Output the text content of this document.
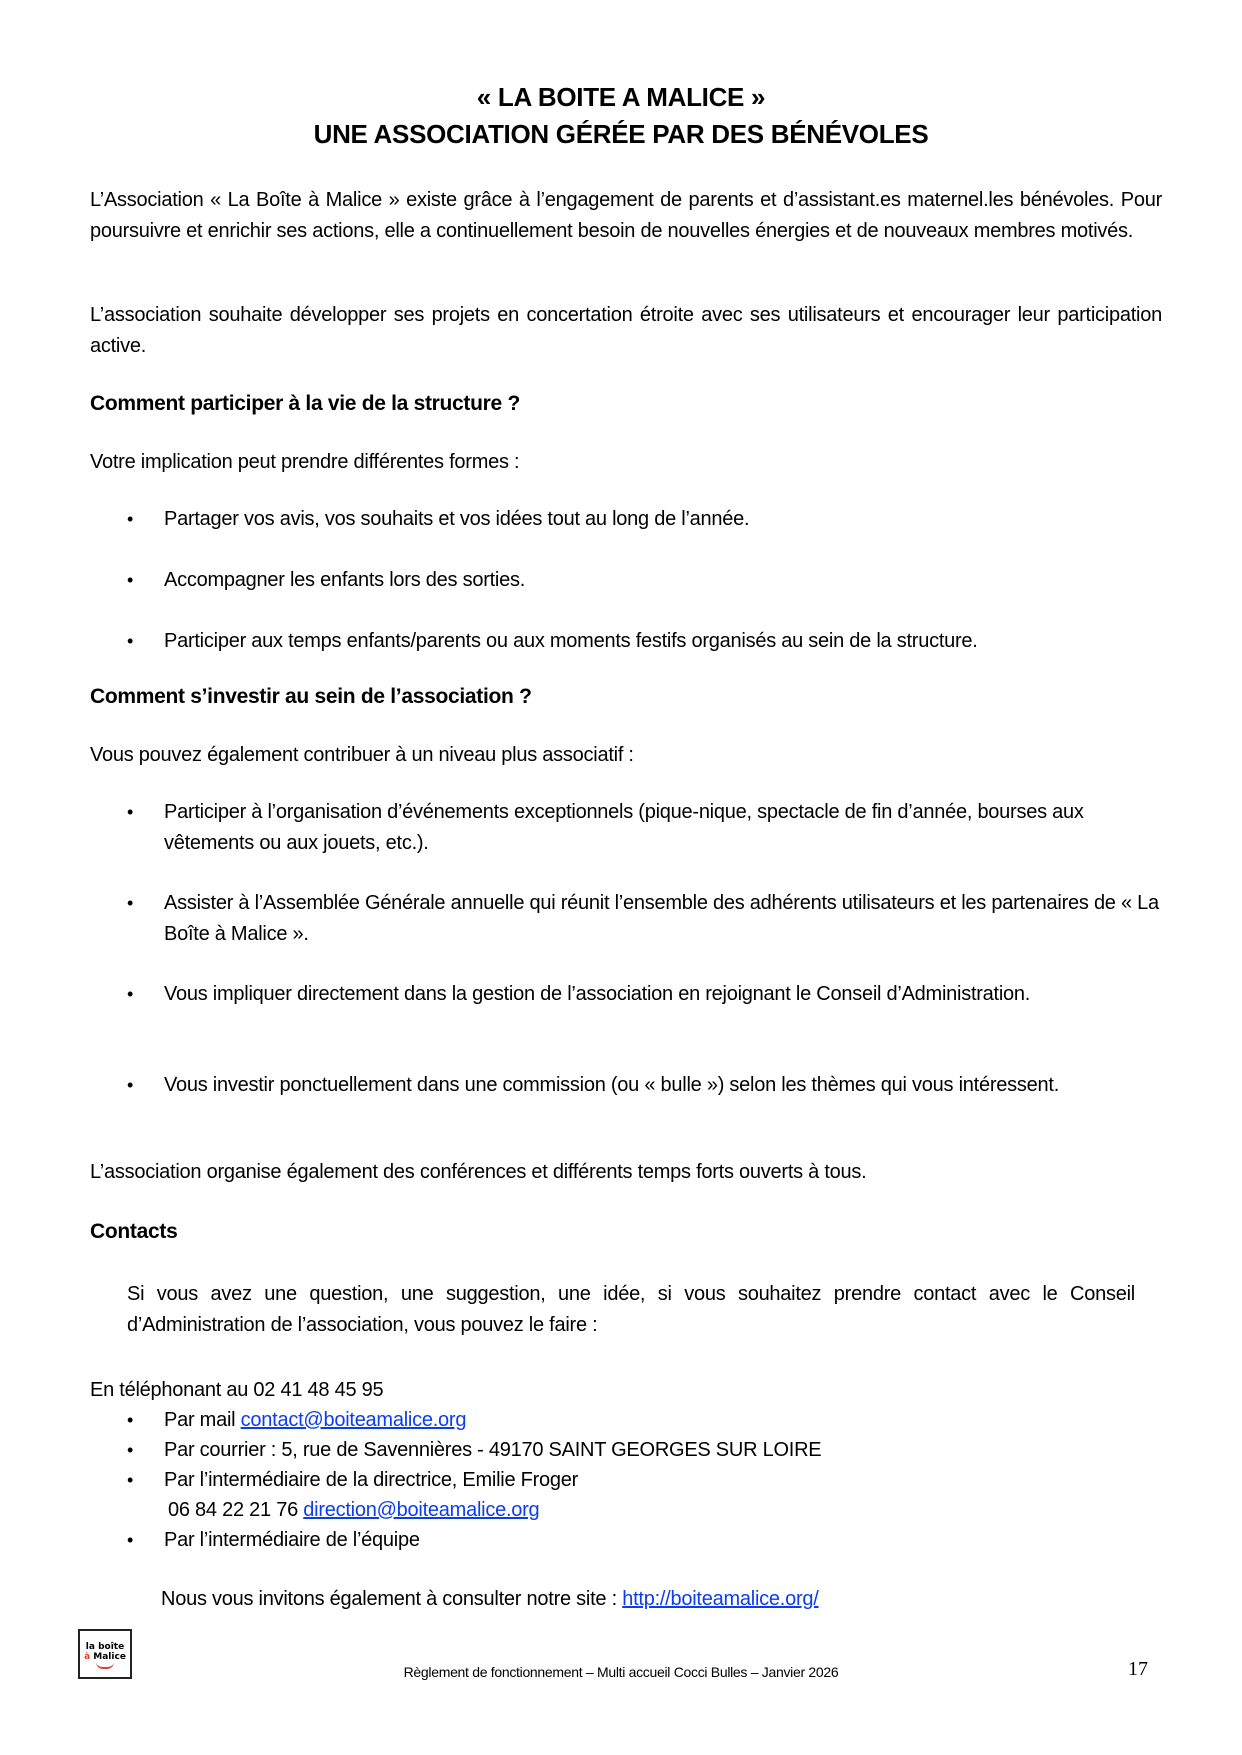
« LA BOITE A MALICE »
UNE ASSOCIATION GÉRÉE PAR DES BÉNÉVOLES
L’Association « La Boîte à Malice » existe grâce à l’engagement de parents et d’assistant.es maternel.les bénévoles. Pour poursuivre et enrichir ses actions, elle a continuellement besoin de nouvelles énergies et de nouveaux membres motivés.
L’association souhaite développer ses projets en concertation étroite avec ses utilisateurs et encourager leur participation active.
Comment participer à la vie de la structure ?
Votre implication peut prendre différentes formes :
• Partager vos avis, vos souhaits et vos idées tout au long de l’année.
• Accompagner les enfants lors des sorties.
• Participer aux temps enfants/parents ou aux moments festifs organisés au sein de la structure.
Comment s’investir au sein de l’association ?
Vous pouvez également contribuer à un niveau plus associatif :
• Participer à l’organisation d’événements exceptionnels (pique-nique, spectacle de fin d’année, bourses aux vêtements ou aux jouets, etc.).
• Assister à l’Assemblée Générale annuelle qui réunit l’ensemble des adhérents utilisateurs et les partenaires de « La Boîte à Malice ».
• Vous impliquer directement dans la gestion de l’association en rejoignant le Conseil d’Administration.
• Vous investir ponctuellement dans une commission (ou « bulle ») selon les thèmes qui vous intéressent.
L’association organise également des conférences et différents temps forts ouverts à tous.
Contacts
Si vous avez une question, une suggestion, une idée, si vous souhaitez prendre contact avec le Conseil d’Administration de l’association, vous pouvez le faire :
En téléphonant au 02 41 48 45 95
• Par mail contact@boiteamalice.org
• Par courrier : 5, rue de Savennières - 49170 SAINT GEORGES SUR LOIRE
• Par l’intermédiaire de la directrice, Emilie Froger
06 84 22 21 76 direction@boiteamalice.org
• Par l’intermédiaire de l’équipe
Nous vous invitons également à consulter notre site : http://boiteamalice.org/
la boîte
à Malice
Règlement de fonctionnement – Multi accueil Cocci Bulles – Janvier 2026	17
